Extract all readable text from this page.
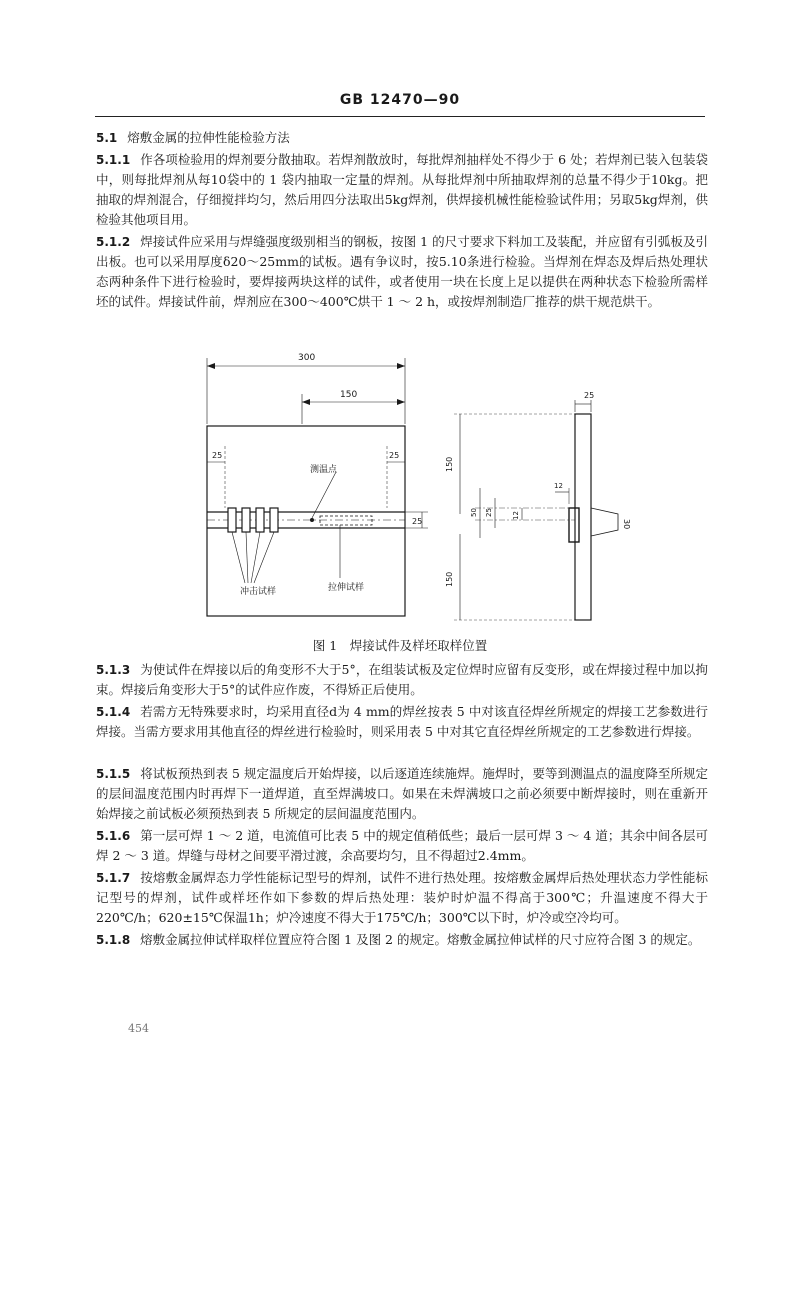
GB 12470—90
5.1 熔敷金属的拉伸性能检验方法
5.1.1 作各项检验用的焊剂要分散抽取。若焊剂散放时，每批焊剂抽样处不得少于 6 处；若焊剂已装入包装袋中，则每批焊剂从每10袋中的 1 袋内抽取一定量的焊剂。从每批焊剂中所抽取焊剂的总量不得少于10kg。把抽取的焊剂混合，仔细搅拌均匀，然后用四分法取出5kg焊剂，供焊接机械性能检验试件用；另取5kg焊剂，供检验其他项目用。
5.1.2 焊接试件应采用与焊缝强度级别相当的钢板，按图 1 的尺寸要求下料加工及装配，并应留有引弧板及引出板。也可以采用厚度δ20～25mm的试板。遇有争议时，按5.10条进行检验。当焊剂在焊态及焊后热处理状态两种条件下进行检验时，要焊接两块这样的试件，或者使用一块在长度上足以提供在两种状态下检验所需样坯的试件。焊接试件前，焊剂应在300～400℃烘干 1 ～ 2 h，或按焊剂制造厂推荐的烘干规范烘干。
300
150
25	25
测温点
25
冲击试样	拉伸试样
25
150
150
50 25	12
12
30
图 1　焊接试件及样坯取样位置
5.1.3 为使试件在焊接以后的角变形不大于5°，在组装试板及定位焊时应留有反变形，或在焊接过程中加以拘束。焊接后角变形大于5°的试件应作废，不得矫正后使用。
5.1.4 若需方无特殊要求时，均采用直径d为 4 mm的焊丝按表 5 中对该直径焊丝所规定的焊接工艺参数进行焊接。当需方要求用其他直径的焊丝进行检验时，则采用表 5 中对其它直径焊丝所规定的工艺参数进行焊接。
5.1.5 将试板预热到表 5 规定温度后开始焊接，以后逐道连续施焊。施焊时，要等到测温点的温度降至所规定的层间温度范围内时再焊下一道焊道，直至焊满坡口。如果在未焊满坡口之前必须要中断焊接时，则在重新开始焊接之前试板必须预热到表 5 所规定的层间温度范围内。
5.1.6 第一层可焊 1 ～ 2 道，电流值可比表 5 中的规定值稍低些；最后一层可焊 3 ～ 4 道；其余中间各层可焊 2 ～ 3 道。焊缝与母材之间要平滑过渡，余高要均匀，且不得超过2.4mm。
5.1.7 按熔敷金属焊态力学性能标记型号的焊剂，试件不进行热处理。按熔敷金属焊后热处理状态力学性能标记型号的焊剂，试件或样坯作如下参数的焊后热处理：装炉时炉温不得高于300℃；升温速度不得大于220℃/h；620±15℃保温1h；炉冷速度不得大于175℃/h；300℃以下时，炉冷或空冷均可。
5.1.8 熔敷金属拉伸试样取样位置应符合图 1 及图 2 的规定。熔敷金属拉伸试样的尺寸应符合图 3 的规定。
454
